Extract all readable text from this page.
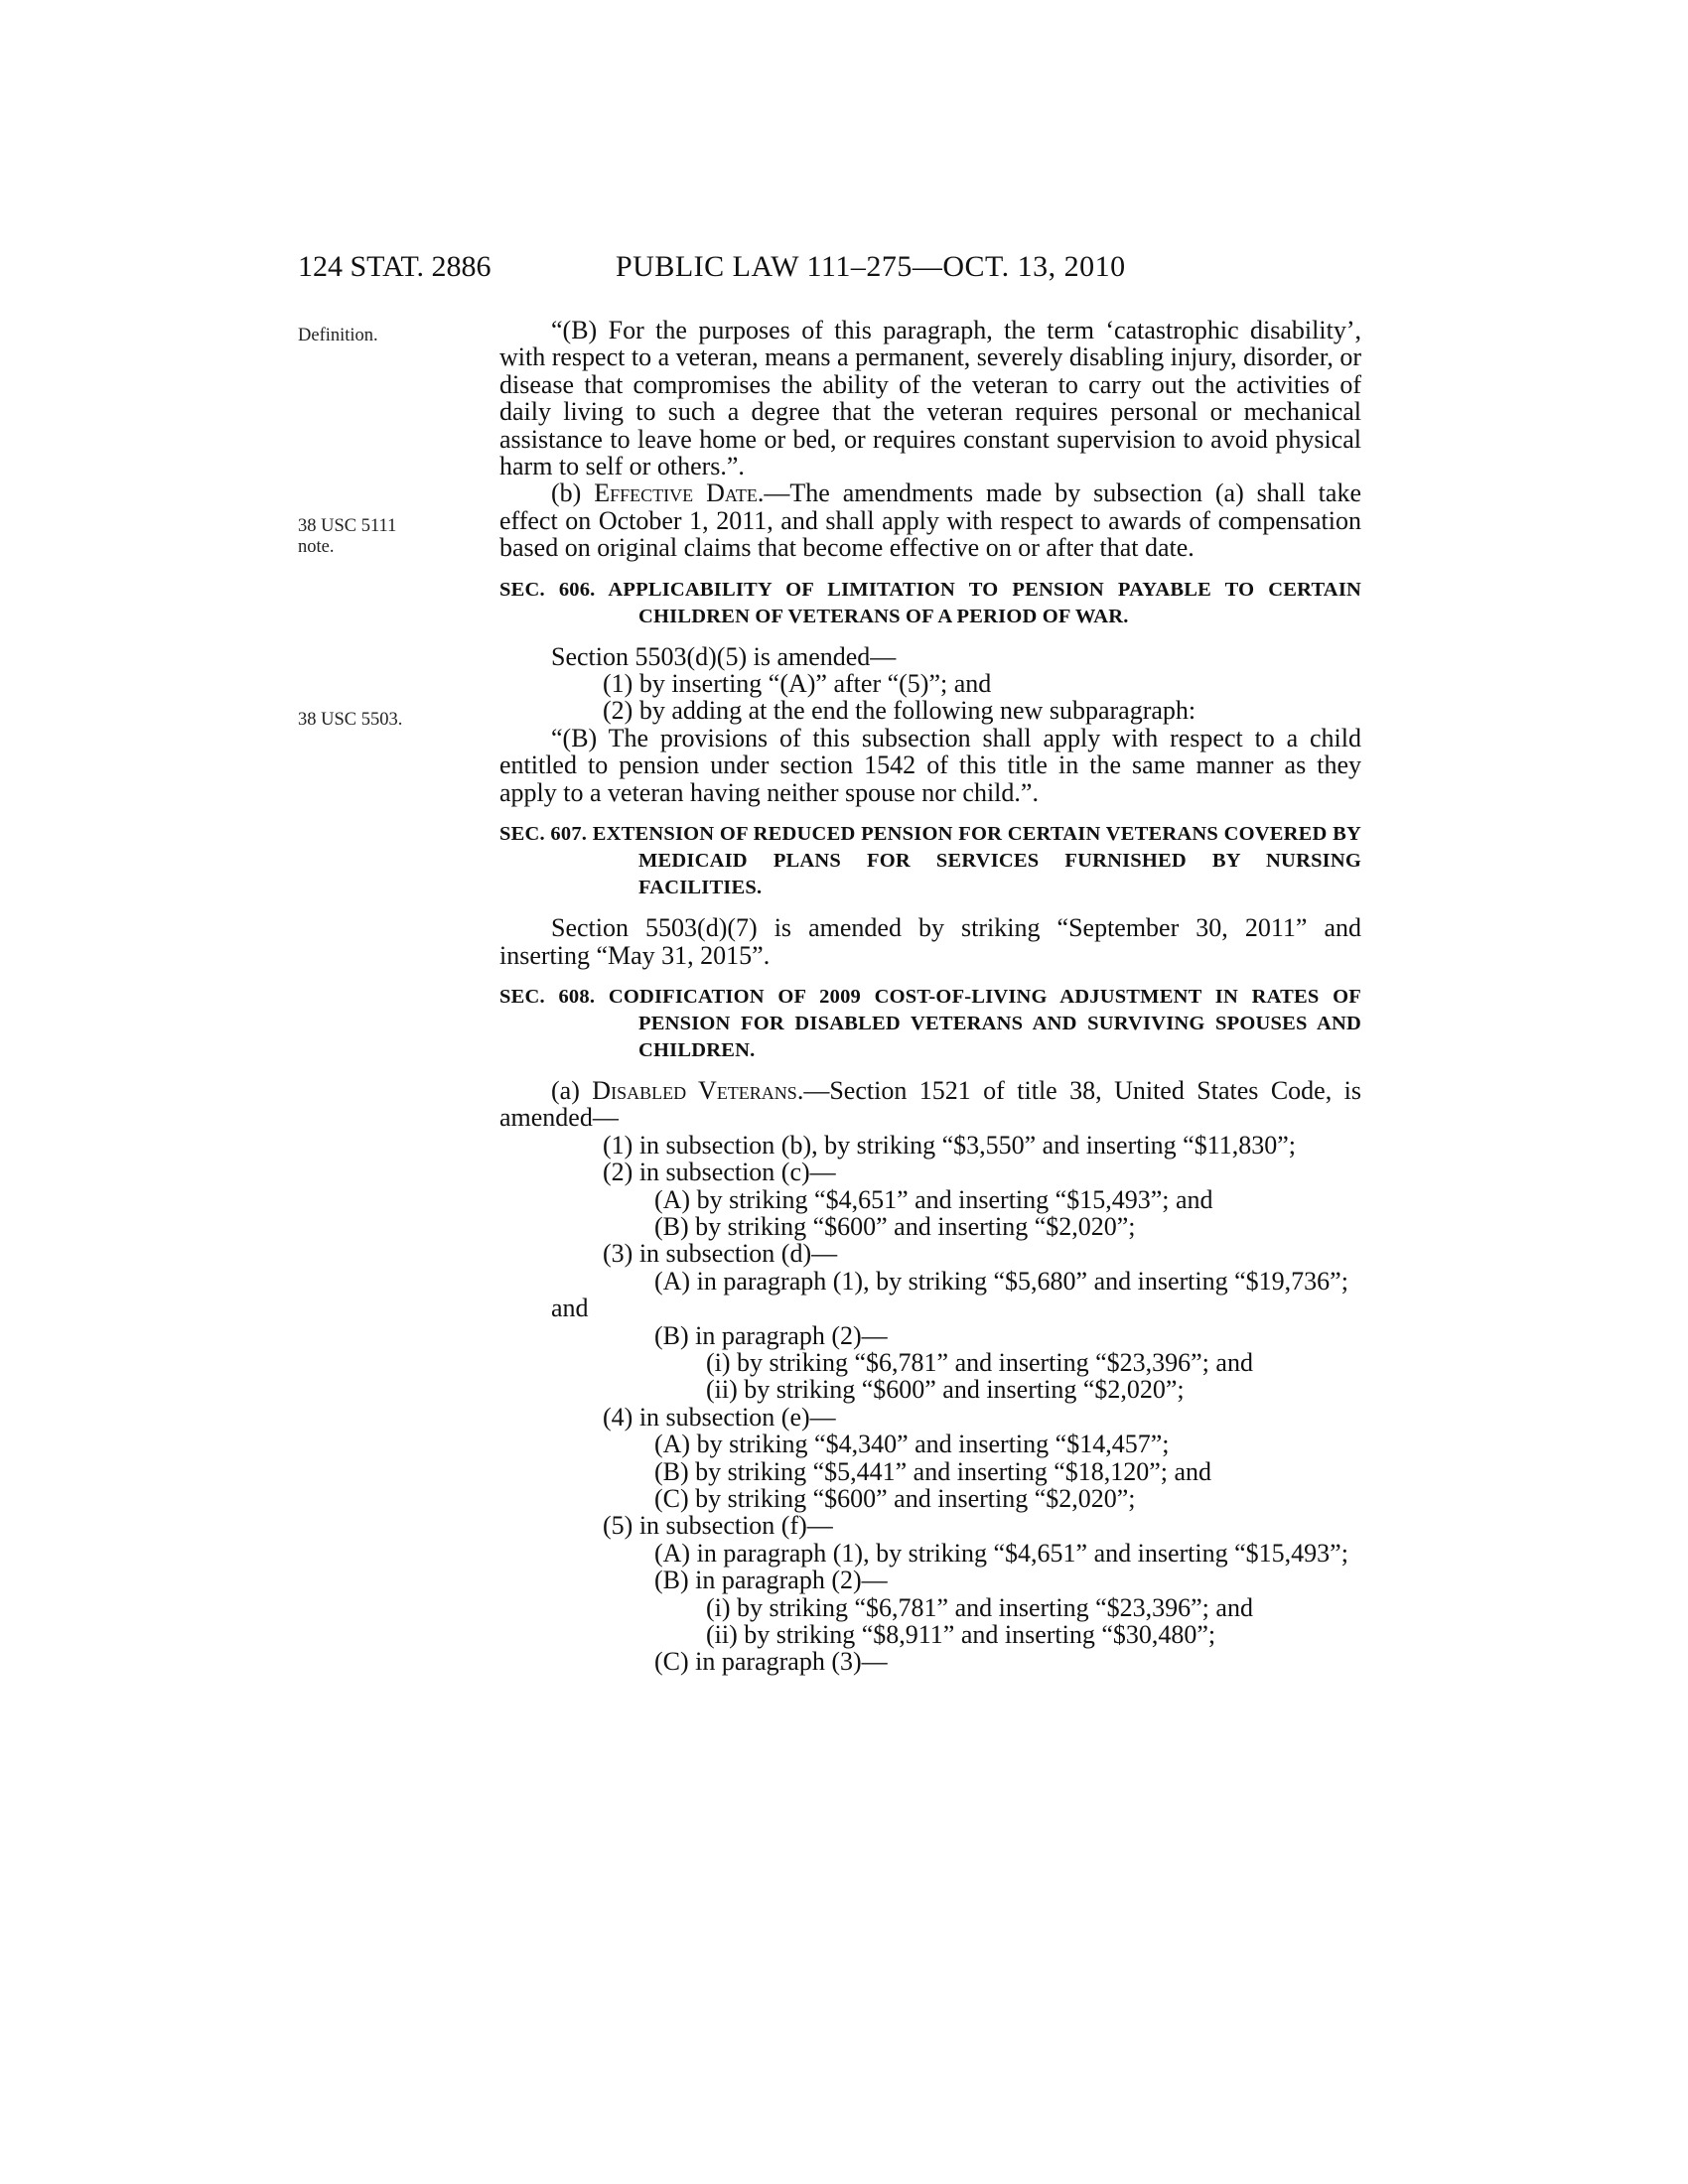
124 STAT. 2886	PUBLIC LAW 111–275—OCT. 13, 2010
Definition.
38 USC 5111
note.
38 USC 5503.

“(B) For the purposes of this paragraph, the term ‘catastrophic disability’, with respect to a veteran, means a permanent, severely disabling injury, disorder, or disease that compromises the ability of the veteran to carry out the activities of daily living to such a degree that the veteran requires personal or mechanical assistance to leave home or bed, or requires constant supervision to avoid physical harm to self or others.”.

(b) Effective Date.—The amendments made by subsection (a) shall take effect on October 1, 2011, and shall apply with respect to awards of compensation based on original claims that become effective on or after that date.

SEC. 606. APPLICABILITY OF LIMITATION TO PENSION PAYABLE TO CERTAIN CHILDREN OF VETERANS OF A PERIOD OF WAR.

Section 5503(d)(5) is amended—

(1) by inserting “(A)” after “(5)”; and

(2) by adding at the end the following new subparagraph:

“(B) The provisions of this subsection shall apply with respect to a child entitled to pension under section 1542 of this title in the same manner as they apply to a veteran having neither spouse nor child.”.

SEC. 607. EXTENSION OF REDUCED PENSION FOR CERTAIN VETERANS COVERED BY MEDICAID PLANS FOR SERVICES FURNISHED BY NURSING FACILITIES.

Section 5503(d)(7) is amended by striking “September 30, 2011” and inserting “May 31, 2015”.

SEC. 608. CODIFICATION OF 2009 COST-OF-LIVING ADJUSTMENT IN RATES OF PENSION FOR DISABLED VETERANS AND SURVIVING SPOUSES AND CHILDREN.

(a) Disabled Veterans.—Section 1521 of title 38, United States Code, is amended—

(1) in subsection (b), by striking “$3,550” and inserting “$11,830”;

(2) in subsection (c)—

(A) by striking “$4,651” and inserting “$15,493”; and

(B) by striking “$600” and inserting “$2,020”;

(3) in subsection (d)—

(A) in paragraph (1), by striking “$5,680” and inserting “$19,736”; and

(B) in paragraph (2)—

(i) by striking “$6,781” and inserting “$23,396”; and

(ii) by striking “$600” and inserting “$2,020”;

(4) in subsection (e)—

(A) by striking “$4,340” and inserting “$14,457”;

(B) by striking “$5,441” and inserting “$18,120”; and

(C) by striking “$600” and inserting “$2,020”;

(5) in subsection (f)—

(A) in paragraph (1), by striking “$4,651” and inserting “$15,493”;

(B) in paragraph (2)—

(i) by striking “$6,781” and inserting “$23,396”; and

(ii) by striking “$8,911” and inserting “$30,480”;

(C) in paragraph (3)—
